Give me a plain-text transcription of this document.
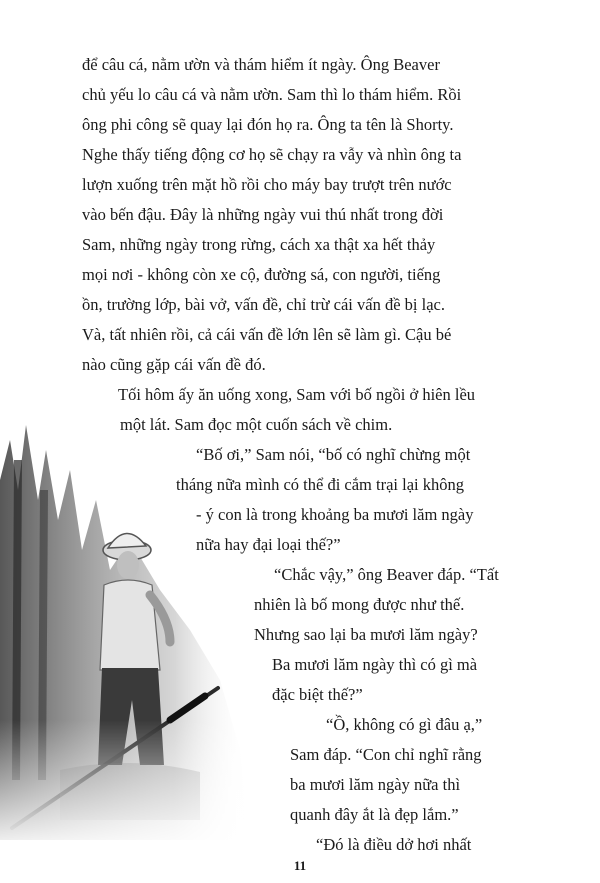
để câu cá, nằm ườn và thám hiểm ít ngày. Ông Beaver
chủ yếu lo câu cá và nằm ườn. Sam thì lo thám hiểm. Rồi
ông phi công sẽ quay lại đón họ ra. Ông ta tên là Shorty.
Nghe thấy tiếng động cơ họ sẽ chạy ra vẫy và nhìn ông ta
lượn xuống trên mặt hồ rồi cho máy bay trượt trên nước
vào bến đậu. Đây là những ngày vui thú nhất trong đời
Sam, những ngày trong rừng, cách xa thật xa hết thảy
mọi nơi - không còn xe cộ, đường sá, con người, tiếng
ồn, trường lớp, bài vở, vấn đề, chỉ trừ cái vấn đề bị lạc.
Và, tất nhiên rồi, cả cái vấn đề lớn lên sẽ làm gì. Cậu bé
nào cũng gặp cái vấn đề đó.
Tối hôm ấy ăn uống xong, Sam với bố ngồi ở hiên lều
một lát. Sam đọc một cuốn sách về chim.
“Bố ơi,” Sam nói, “bố có nghĩ chừng một
tháng nữa mình có thể đi cắm trại lại không
- ý con là trong khoảng ba mươi lăm ngày
nữa hay đại loại thế?”
“Chắc vậy,” ông Beaver đáp. “Tất
nhiên là bố mong được như thế.
Nhưng sao lại ba mươi lăm ngày?
Ba mươi lăm ngày thì có gì mà
đặc biệt thế?”
“Ồ, không có gì đâu ạ,”
Sam đáp. “Con chỉ nghĩ rằng
ba mươi lăm ngày nữa thì
quanh đây ắt là đẹp lắm.”
“Đó là điều dở hơi nhất
11
